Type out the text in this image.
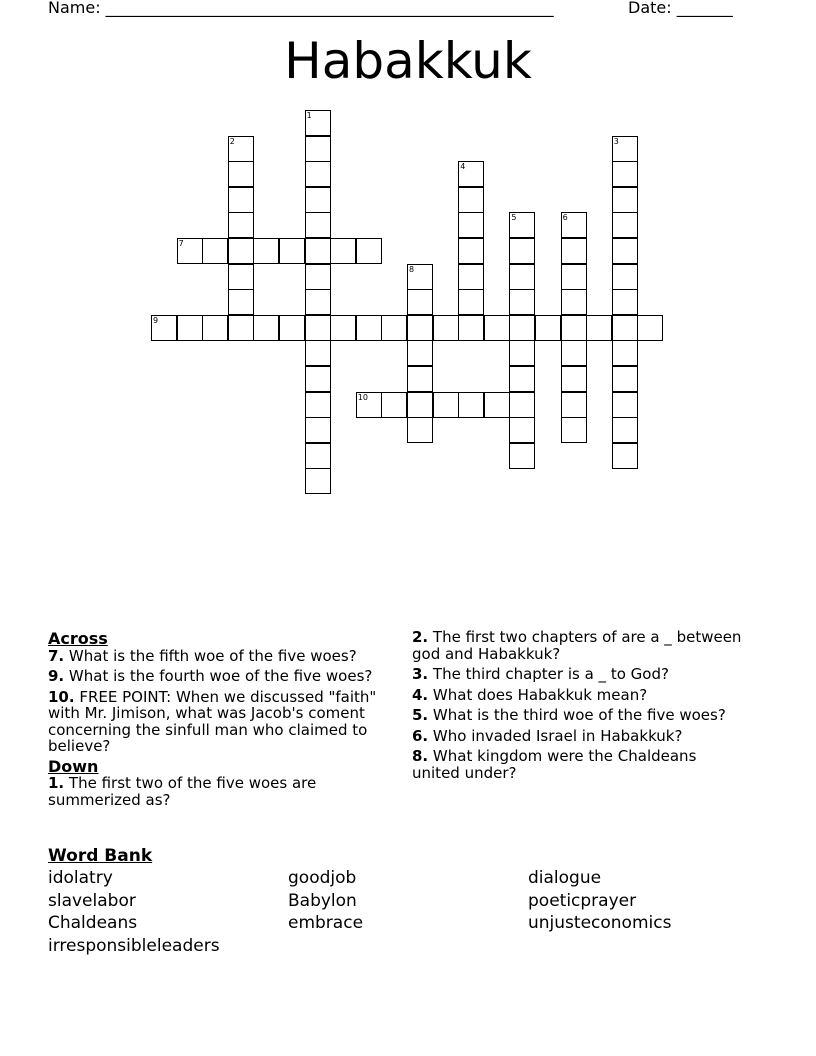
Name: ________________________________________________________	Date: _______
Habakkuk
1
2	3
4
5	6
7
8
9
10
Across
7. What is the fifth woe of the five woes?
9. What is the fourth woe of the five woes?
10. FREE POINT: When we discussed "faith" with Mr. Jimison, what was Jacob's coment concerning the sinfull man who claimed to believe?
Down
1. The first two of the five woes are summerized as?
2. The first two chapters of are a _ between god and Habakkuk?
3. The third chapter is a _ to God?
4. What does Habakkuk mean?
5. What is the third woe of the five woes?
6. Who invaded Israel in Habakkuk?
8. What kingdom were the Chaldeans united under?
Word Bank
idolatry	goodjob	dialogue
slavelabor	Babylon	poeticprayer
Chaldeans	embrace	unjusteconomics
irresponsibleleaders
